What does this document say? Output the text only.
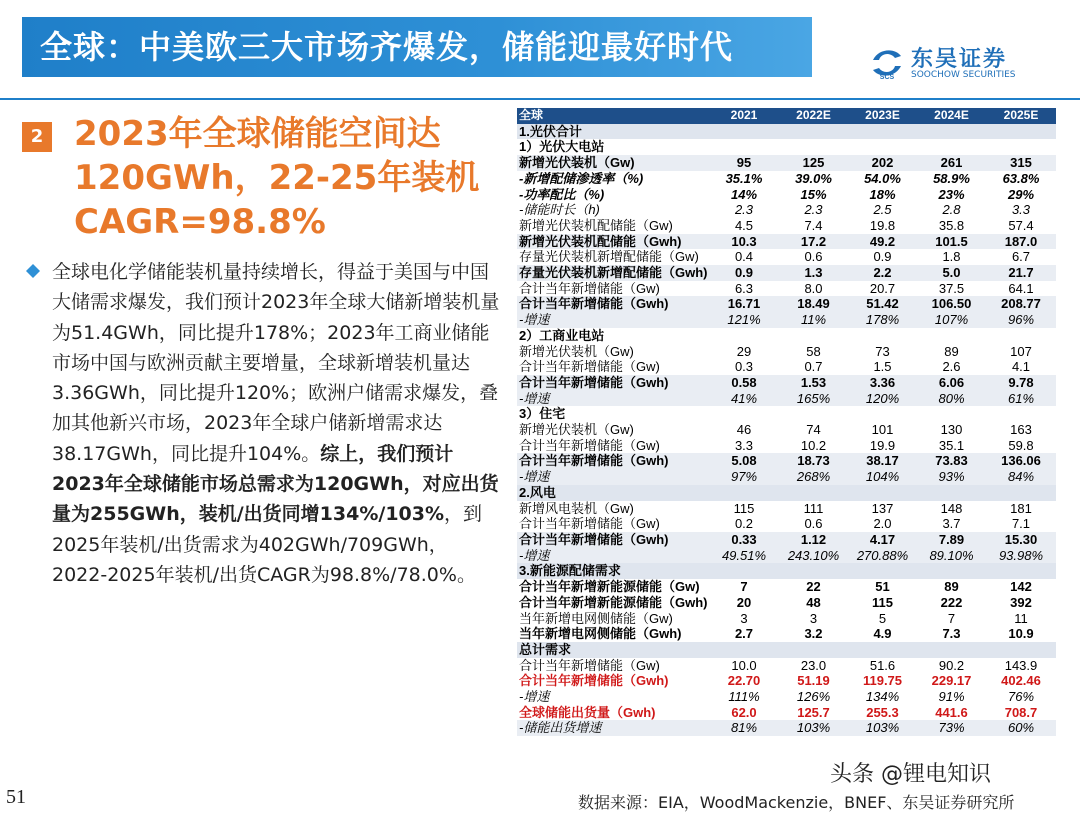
全球：中美欧三大市场齐爆发，储能迎最好时代
SCS
东吴证券
SOOCHOW SECURITIES
2 2023年全球储能空间达120GWh，22-25年装机CAGR=98.8%
全球电化学储能装机量持续增长，得益于美国与中国大储需求爆发，我们预计2023年全球大储新增装机量为51.4GWh，同比提升178%；2023年工商业储能市场中国与欧洲贡献主要增量，全球新增装机量达3.36GWh，同比提升120%；欧洲户储需求爆发，叠加其他新兴市场，2023年全球户储新增需求达38.17GWh，同比提升104%。综上，我们预计2023年全球储能市场总需求为120GWh，对应出货量为255GWh，装机/出货同增134%/103%，到2025年装机/出货需求为402GWh/709GWh，2022-2025年装机/出货CAGR为98.8%/78.0%。
全球	2021	2022E	2023E	2024E	2025E
1.光伏合计					
1）光伏大电站					
新增光伏装机（Gw)	95	125	202	261	315
-新增配储渗透率（%)	35.1%	39.0%	54.0%	58.9%	63.8%
-功率配比（%)	14%	15%	18%	23%	29%
-储能时长（h)	2.3	2.3	2.5	2.8	3.3
新增光伏装机配储能（Gw)	4.5	7.4	19.8	35.8	57.4
新增光伏装机配储能（Gwh)	10.3	17.2	49.2	101.5	187.0
存量光伏装机新增配储能（Gw)	0.4	0.6	0.9	1.8	6.7
存量光伏装机新增配储能（Gwh)	0.9	1.3	2.2	5.0	21.7
合计当年新增储能（Gw)	6.3	8.0	20.7	37.5	64.1
合计当年新增储能（Gwh)	16.71	18.49	51.42	106.50	208.77
-增速	121%	11%	178%	107%	96%
2）工商业电站					
新增光伏装机（Gw)	29	58	73	89	107
合计当年新增储能（Gw)	0.3	0.7	1.5	2.6	4.1
合计当年新增储能（Gwh)	0.58	1.53	3.36	6.06	9.78
-增速	41%	165%	120%	80%	61%
3）住宅					
新增光伏装机（Gw)	46	74	101	130	163
合计当年新增储能（Gw)	3.3	10.2	19.9	35.1	59.8
合计当年新增储能（Gwh)	5.08	18.73	38.17	73.83	136.06
-增速	97%	268%	104%	93%	84%
2.风电					
新增风电装机（Gw)	115	111	137	148	181
合计当年新增储能（Gw)	0.2	0.6	2.0	3.7	7.1
合计当年新增储能（Gwh)	0.33	1.12	4.17	7.89	15.30
-增速	49.51%	243.10%	270.88%	89.10%	93.98%
3.新能源配储需求					
合计当年新增新能源储能（Gw)	7	22	51	89	142
合计当年新增新能源储能（Gwh)	20	48	115	222	392
当年新增电网侧储能（Gw)	3	3	5	7	11
当年新增电网侧储能（Gwh)	2.7	3.2	4.9	7.3	10.9
总计需求					
合计当年新增储能（Gw)	10.0	23.0	51.6	90.2	143.9
合计当年新增储能（Gwh)	22.70	51.19	119.75	229.17	402.46
-增速	111%	126%	134%	91%	76%
全球储能出货量（Gwh)	62.0	125.7	255.3	441.6	708.7
-储能出货增速	81%	103%	103%	73%	60%
51
头条 @锂电知识
数据来源：EIA，WoodMackenzie，BNEF、东吴证券研究所
